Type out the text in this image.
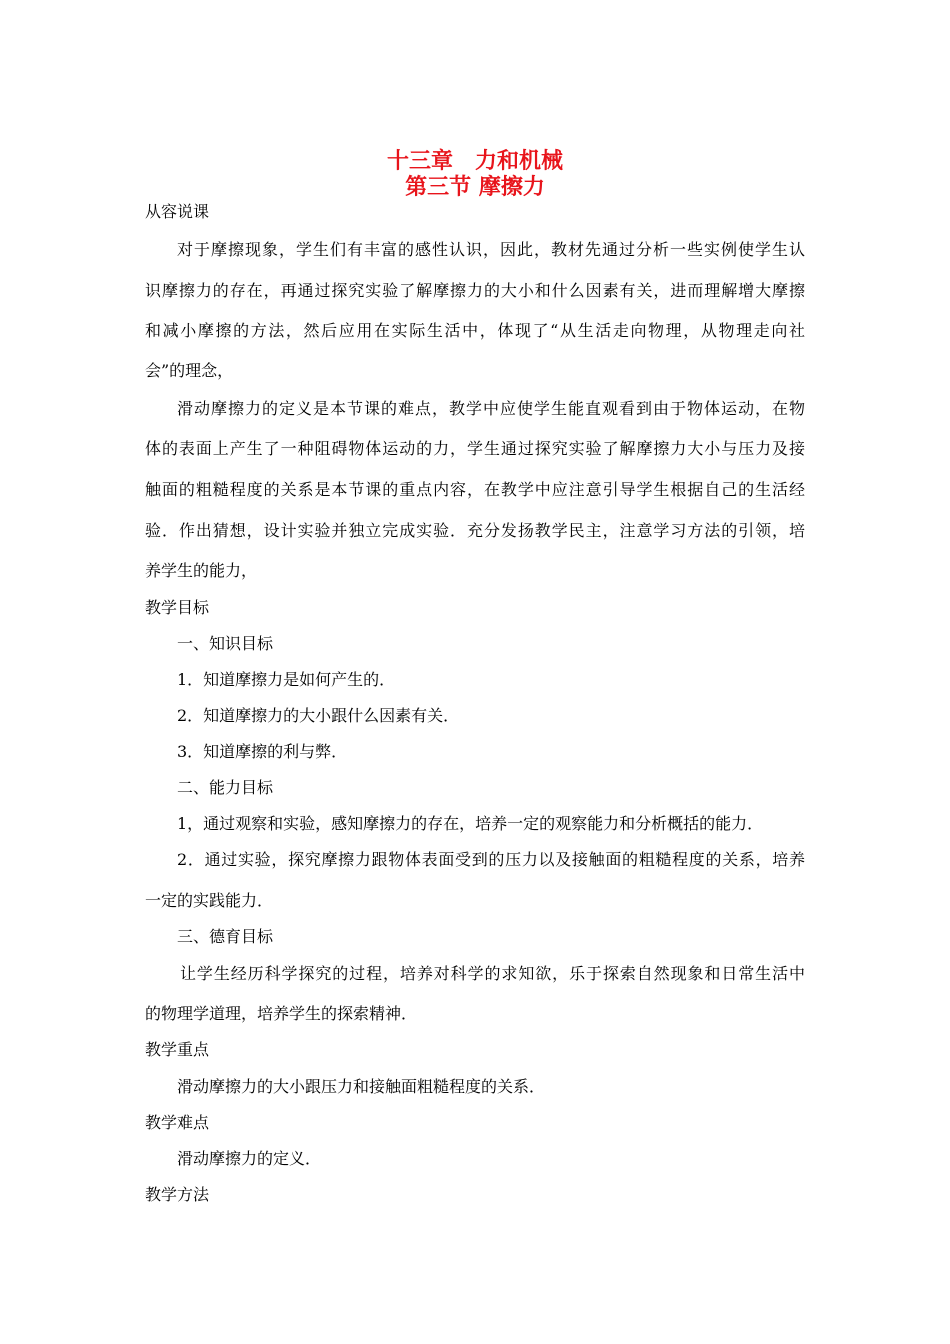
十三章　力和机械
第三节 摩擦力
从容说课
对于摩擦现象，学生们有丰富的感性认识，因此，教材先通过分析一些实例使学生认
识摩擦力的存在，再通过探究实验了解摩擦力的大小和什么因素有关，进而理解增大摩擦
和减小摩擦的方法，然后应用在实际生活中，体现了“从生活走向物理，从物理走向社
会”的理念，
滑动摩擦力的定义是本节课的难点，教学中应使学生能直观看到由于物体运动，在物
体的表面上产生了一种阻碍物体运动的力，学生通过探究实验了解摩擦力大小与压力及接
触面的粗糙程度的关系是本节课的重点内容，在教学中应注意引导学生根据自己的生活经
验．作出猜想，设计实验并独立完成实验．充分发扬教学民主，注意学习方法的引领，培
养学生的能力，
教学目标
一、知识目标
1．知道摩擦力是如何产生的．
2．知道摩擦力的大小跟什么因素有关．
3．知道摩擦的利与弊．
二、能力目标
1，通过观察和实验，感知摩擦力的存在，培养一定的观察能力和分析概括的能力．
2．通过实验，探究摩擦力跟物体表面受到的压力以及接触面的粗糙程度的关系，培养
一定的实践能力．
三、德育目标
让学生经历科学探究的过程，培养对科学的求知欲，乐于探索自然现象和日常生活中
的物理学道理，培养学生的探索精神．
教学重点
滑动摩擦力的大小跟压力和接触面粗糙程度的关系．
教学难点
滑动摩擦力的定义．
教学方法
